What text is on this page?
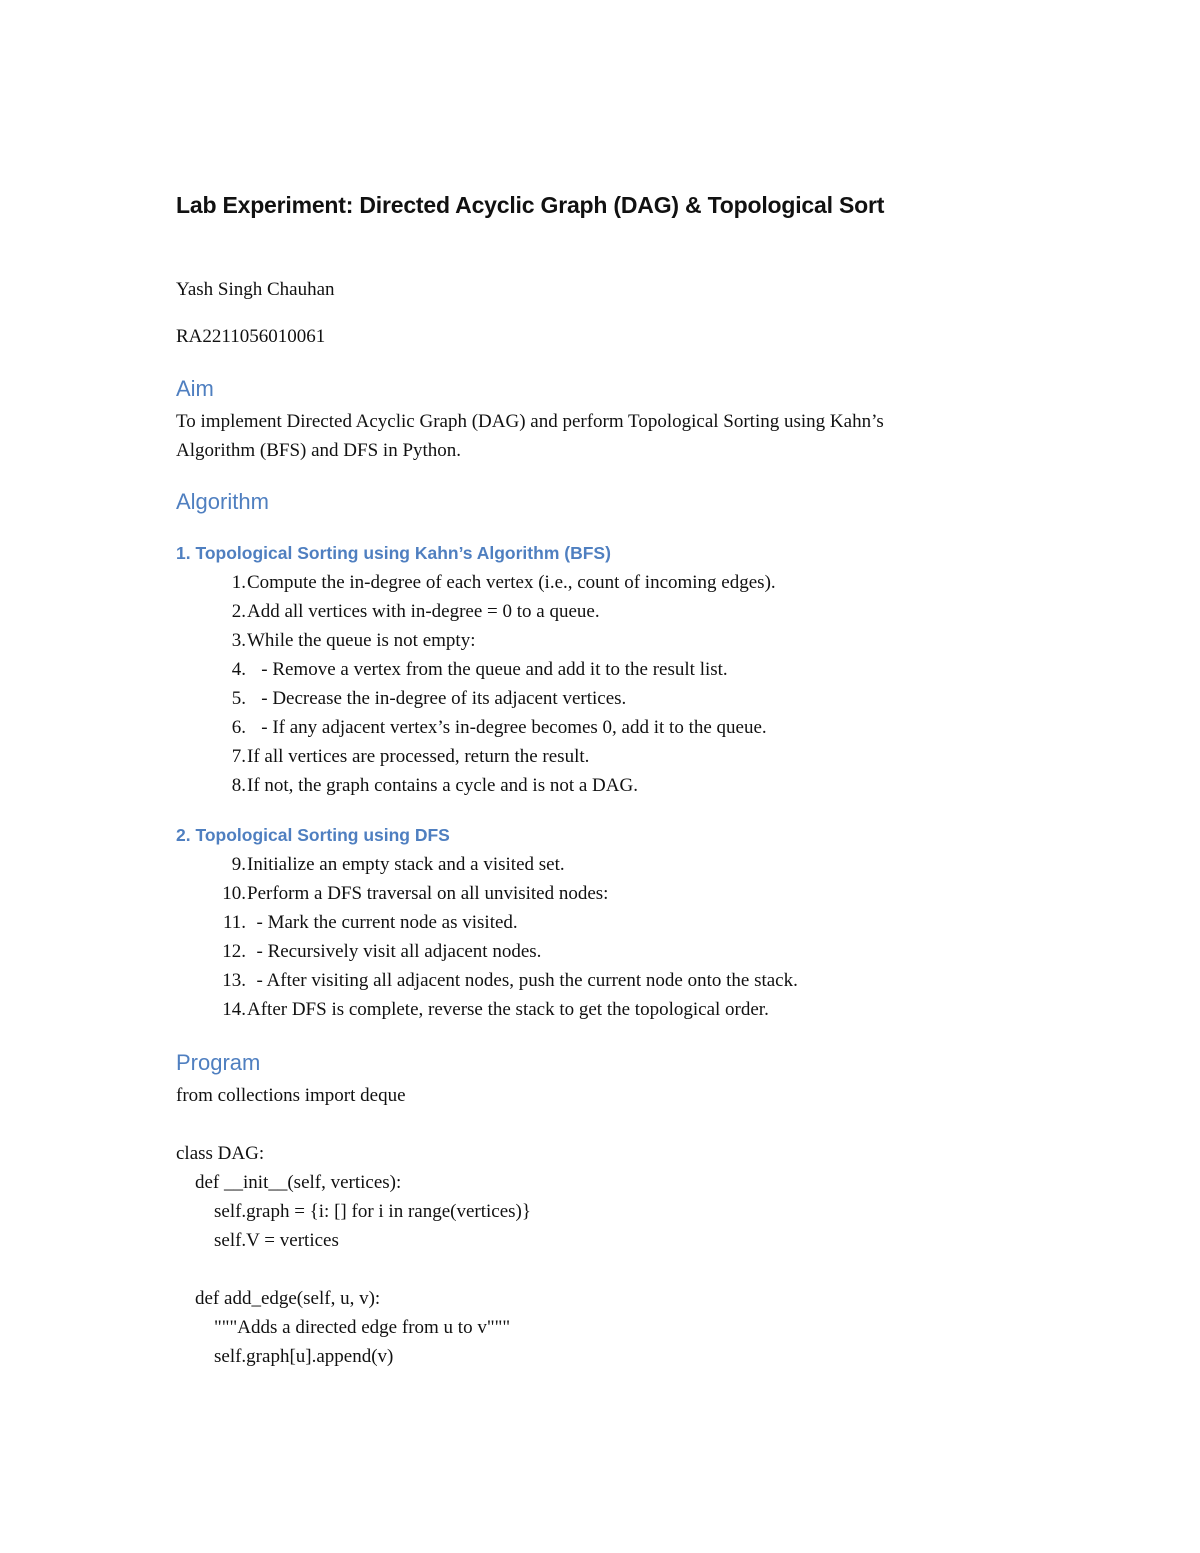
Lab Experiment: Directed Acyclic Graph (DAG) & Topological Sort
Yash Singh Chauhan
RA2211056010061
Aim
To implement Directed Acyclic Graph (DAG) and perform Topological Sorting using Kahn’s
Algorithm (BFS) and DFS in Python.
Algorithm
1. Topological Sorting using Kahn’s Algorithm (BFS)
1. Compute the in-degree of each vertex (i.e., count of incoming edges).
2. Add all vertices with in-degree = 0 to a queue.
3. While the queue is not empty:
4. - Remove a vertex from the queue and add it to the result list.
5. - Decrease the in-degree of its adjacent vertices.
6. - If any adjacent vertex’s in-degree becomes 0, add it to the queue.
7. If all vertices are processed, return the result.
8. If not, the graph contains a cycle and is not a DAG.
2. Topological Sorting using DFS
9. Initialize an empty stack and a visited set.
10. Perform a DFS traversal on all unvisited nodes:
11. - Mark the current node as visited.
12. - Recursively visit all adjacent nodes.
13. - After visiting all adjacent nodes, push the current node onto the stack.
14. After DFS is complete, reverse the stack to get the topological order.
Program
from collections import deque
class DAG:
def __init__(self, vertices):
self.graph = {i: [] for i in range(vertices)}
self.V = vertices
def add_edge(self, u, v):
"""Adds a directed edge from u to v"""
self.graph[u].append(v)
